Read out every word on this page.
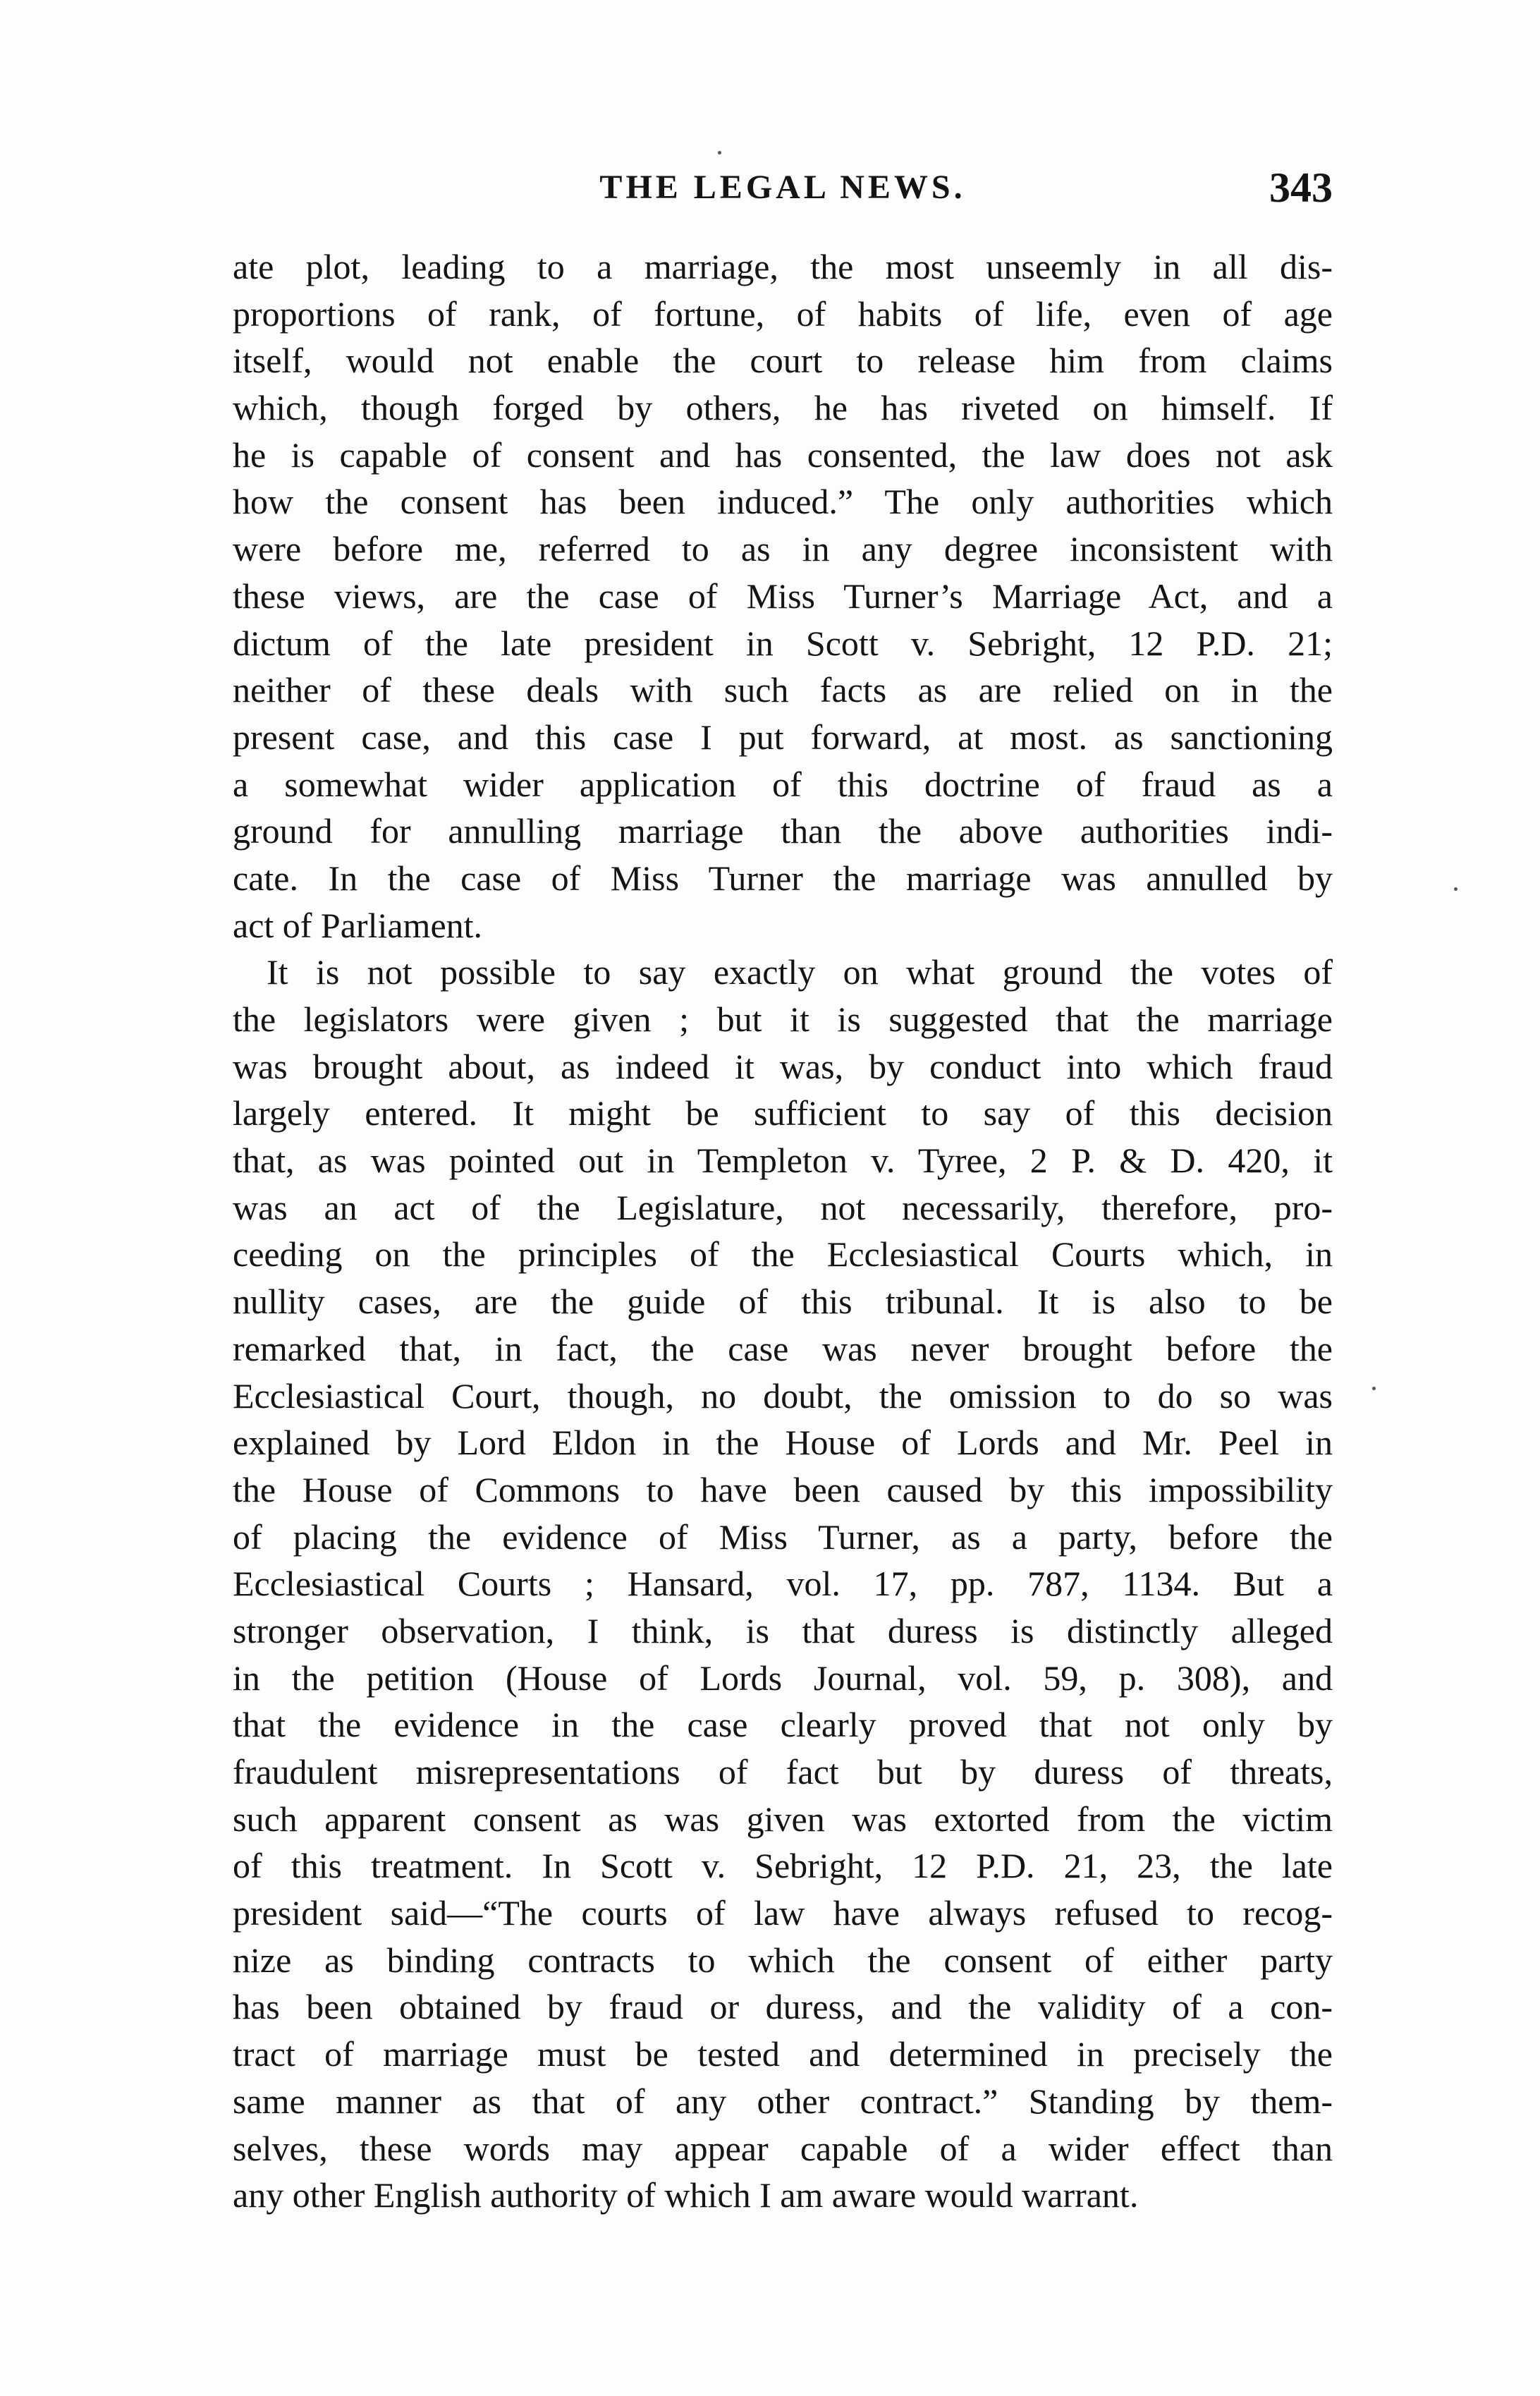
THE LEGAL NEWS.	343
ate plot, leading to a marriage, the most unseemly in all dis-
proportions of rank, of fortune, of habits of life, even of age
itself, would not enable the court to release him from claims
which, though forged by others, he has riveted on himself. If
he is capable of consent and has consented, the law does not ask
how the consent has been induced.” The only authorities which
were before me, referred to as in any degree inconsistent with
these views, are the case of Miss Turner’s Marriage Act, and a
dictum of the late president in Scott v. Sebright, 12 P.D. 21;
neither of these deals with such facts as are relied on in the
present case, and this case I put forward, at most. as sanctioning
a somewhat wider application of this doctrine of fraud as a
ground for annulling marriage than the above authorities indi-
cate. In the case of Miss Turner the marriage was annulled by
act of Parliament.
It is not possible to say exactly on what ground the votes of
the legislators were given ; but it is suggested that the marriage
was brought about, as indeed it was, by conduct into which fraud
largely entered. It might be sufficient to say of this decision
that, as was pointed out in Templeton v. Tyree, 2 P. & D. 420, it
was an act of the Legislature, not necessarily, therefore, pro-
ceeding on the principles of the Ecclesiastical Courts which, in
nullity cases, are the guide of this tribunal. It is also to be
remarked that, in fact, the case was never brought before the
Ecclesiastical Court, though, no doubt, the omission to do so was
explained by Lord Eldon in the House of Lords and Mr. Peel in
the House of Commons to have been caused by this impossibility
of placing the evidence of Miss Turner, as a party, before the
Ecclesiastical Courts ; Hansard, vol. 17, pp. 787, 1134. But a
stronger observation, I think, is that duress is distinctly alleged
in the petition (House of Lords Journal, vol. 59, p. 308), and
that the evidence in the case clearly proved that not only by
fraudulent misrepresentations of fact but by duress of threats,
such apparent consent as was given was extorted from the victim
of this treatment. In Scott v. Sebright, 12 P.D. 21, 23, the late
president said—“The courts of law have always refused to recog-
nize as binding contracts to which the consent of either party
has been obtained by fraud or duress, and the validity of a con-
tract of marriage must be tested and determined in precisely the
same manner as that of any other contract.” Standing by them-
selves, these words may appear capable of a wider effect than
any other English authority of which I am aware would warrant.
